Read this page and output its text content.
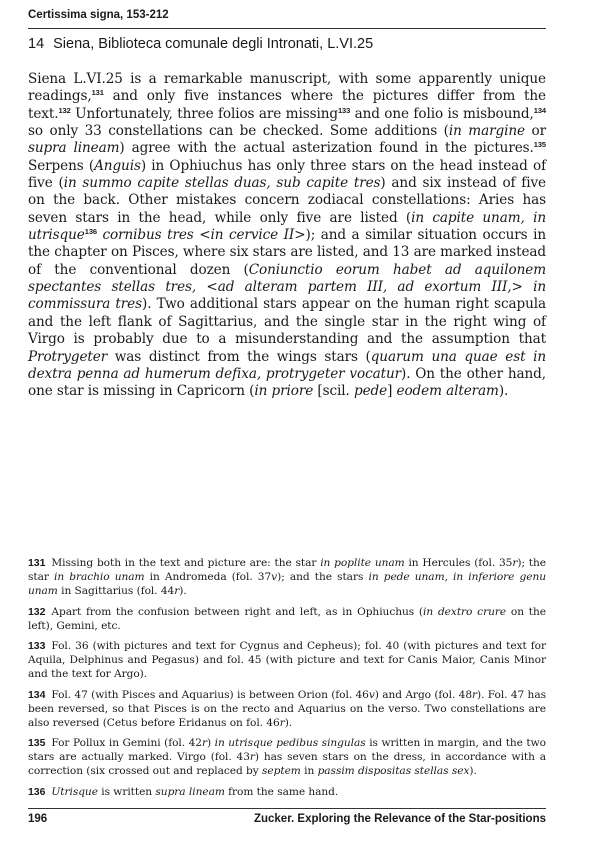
Certissima signa, 153-212
14 Siena, Biblioteca comunale degli Intronati, L.VI.25
Siena L.VI.25 is a remarkable manuscript, with some apparently unique readings,$^{131}$ and only five instances where the pictures differ from the text.$^{132}$ Unfortunately, three folios are missing$^{133}$ and one folio is misbound,$^{134}$ so only 33 constellations can be checked. Some additions (in margine or supra lineam) agree with the actual asterization found in the pictures.$^{135}$ Serpens (Anguis) in Ophiuchus has only three stars on the head instead of five (in summo capite stellas duas, sub capite tres) and six instead of five on the back. Other mistakes concern zodiacal constellations: Aries has seven stars in the head, while only five are listed (in capite unam, in utrisque$^{136}$ cornibus tres <in cervice II>); and a similar situation occurs in the chapter on Pisces, where six stars are listed, and 13 are marked instead of the conventional dozen (Coniunctio eorum habet ad aquilonem spectantes stellas tres, <ad alteram partem III, ad exortum III,> in commissura tres). Two additional stars appear on the human right scapula and the left flank of Sagittarius, and the single star in the right wing of Virgo is probably due to a misunderstanding and the assumption that Protrygeter was distinct from the wings stars (quarum una quae est in dextra penna ad humerum defixa, protrygeter vocatur). On the other hand, one star is missing in Capricorn (in priore [scil. pede] eodem alteram).
131 Missing both in the text and picture are: the star in poplite unam in Hercules (fol. 35r); the star in brachio unam in Andromeda (fol. 37v); and the stars in pede unam, in inferiore genu unam in Sagittarius (fol. 44r).
132 Apart from the confusion between right and left, as in Ophiuchus (in dextro crure on the left), Gemini, etc.
133 Fol. 36 (with pictures and text for Cygnus and Cepheus); fol. 40 (with pictures and text for Aquila, Delphinus and Pegasus) and fol. 45 (with picture and text for Canis Maior, Canis Minor and the text for Argo).
134 Fol. 47 (with Pisces and Aquarius) is between Orion (fol. 46v) and Argo (fol. 48r). Fol. 47 has been reversed, so that Pisces is on the recto and Aquarius on the verso. Two constellations are also reversed (Cetus before Eridanus on fol. 46r).
135 For Pollux in Gemini (fol. 42r) in utrisque pedibus singulas is written in margin, and the two stars are actually marked. Virgo (fol. 43r) has seven stars on the dress, in accordance with a correction (six crossed out and replaced by septem in passim dispositas stellas sex).
136 Utrisque is written supra lineam from the same hand.
196	Zucker. Exploring the Relevance of the Star-positions
